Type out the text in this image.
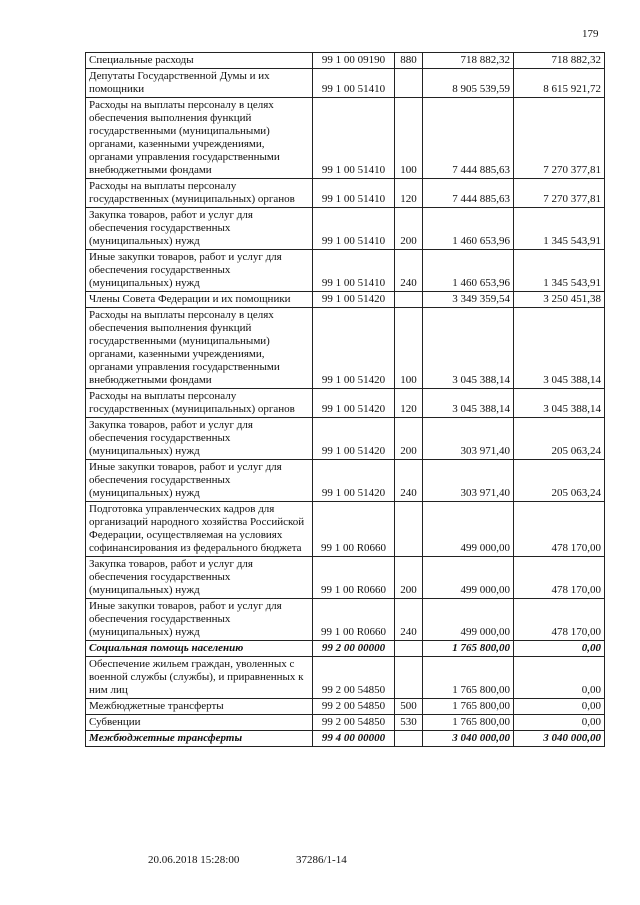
179
Специальные расходы	99 1 00 09190	880	718 882,32	718 882,32
Депутаты Государственной Думы и их помощники	99 1 00 51410		8 905 539,59	8 615 921,72
Расходы на выплаты персоналу в целях обеспечения выполнения функций государственными (муниципальными) органами, казенными учреждениями, органами управления государственными внебюджетными фондами	99 1 00 51410	100	7 444 885,63	7 270 377,81
Расходы на выплаты персоналу государственных (муниципальных) органов	99 1 00 51410	120	7 444 885,63	7 270 377,81
Закупка товаров, работ и услуг для обеспечения государственных (муниципальных) нужд	99 1 00 51410	200	1 460 653,96	1 345 543,91
Иные закупки товаров, работ и услуг для обеспечения государственных (муниципальных) нужд	99 1 00 51410	240	1 460 653,96	1 345 543,91
Члены Совета Федерации и их помощники	99 1 00 51420		3 349 359,54	3 250 451,38
Расходы на выплаты персоналу в целях обеспечения выполнения функций государственными (муниципальными) органами, казенными учреждениями, органами управления государственными внебюджетными фондами	99 1 00 51420	100	3 045 388,14	3 045 388,14
Расходы на выплаты персоналу государственных (муниципальных) органов	99 1 00 51420	120	3 045 388,14	3 045 388,14
Закупка товаров, работ и услуг для обеспечения государственных (муниципальных) нужд	99 1 00 51420	200	303 971,40	205 063,24
Иные закупки товаров, работ и услуг для обеспечения государственных (муниципальных) нужд	99 1 00 51420	240	303 971,40	205 063,24
Подготовка управленческих кадров для организаций народного хозяйства Российской Федерации, осуществляемая на условиях софинансирования из федерального бюджета	99 1 00 R0660		499 000,00	478 170,00
Закупка товаров, работ и услуг для обеспечения государственных (муниципальных) нужд	99 1 00 R0660	200	499 000,00	478 170,00
Иные закупки товаров, работ и услуг для обеспечения государственных (муниципальных) нужд	99 1 00 R0660	240	499 000,00	478 170,00
Социальная помощь населению	99 2 00 00000		1 765 800,00	0,00
Обеспечение жильем граждан, уволенных с военной службы (службы), и приравненных к ним лиц	99 2 00 54850		1 765 800,00	0,00
Межбюджетные трансферты	99 2 00 54850	500	1 765 800,00	0,00
Субвенции	99 2 00 54850	530	1 765 800,00	0,00
Межбюджетные трансферты	99 4 00 00000		3 040 000,00	3 040 000,00
20.06.2018 15:28:00	37286/1-14
